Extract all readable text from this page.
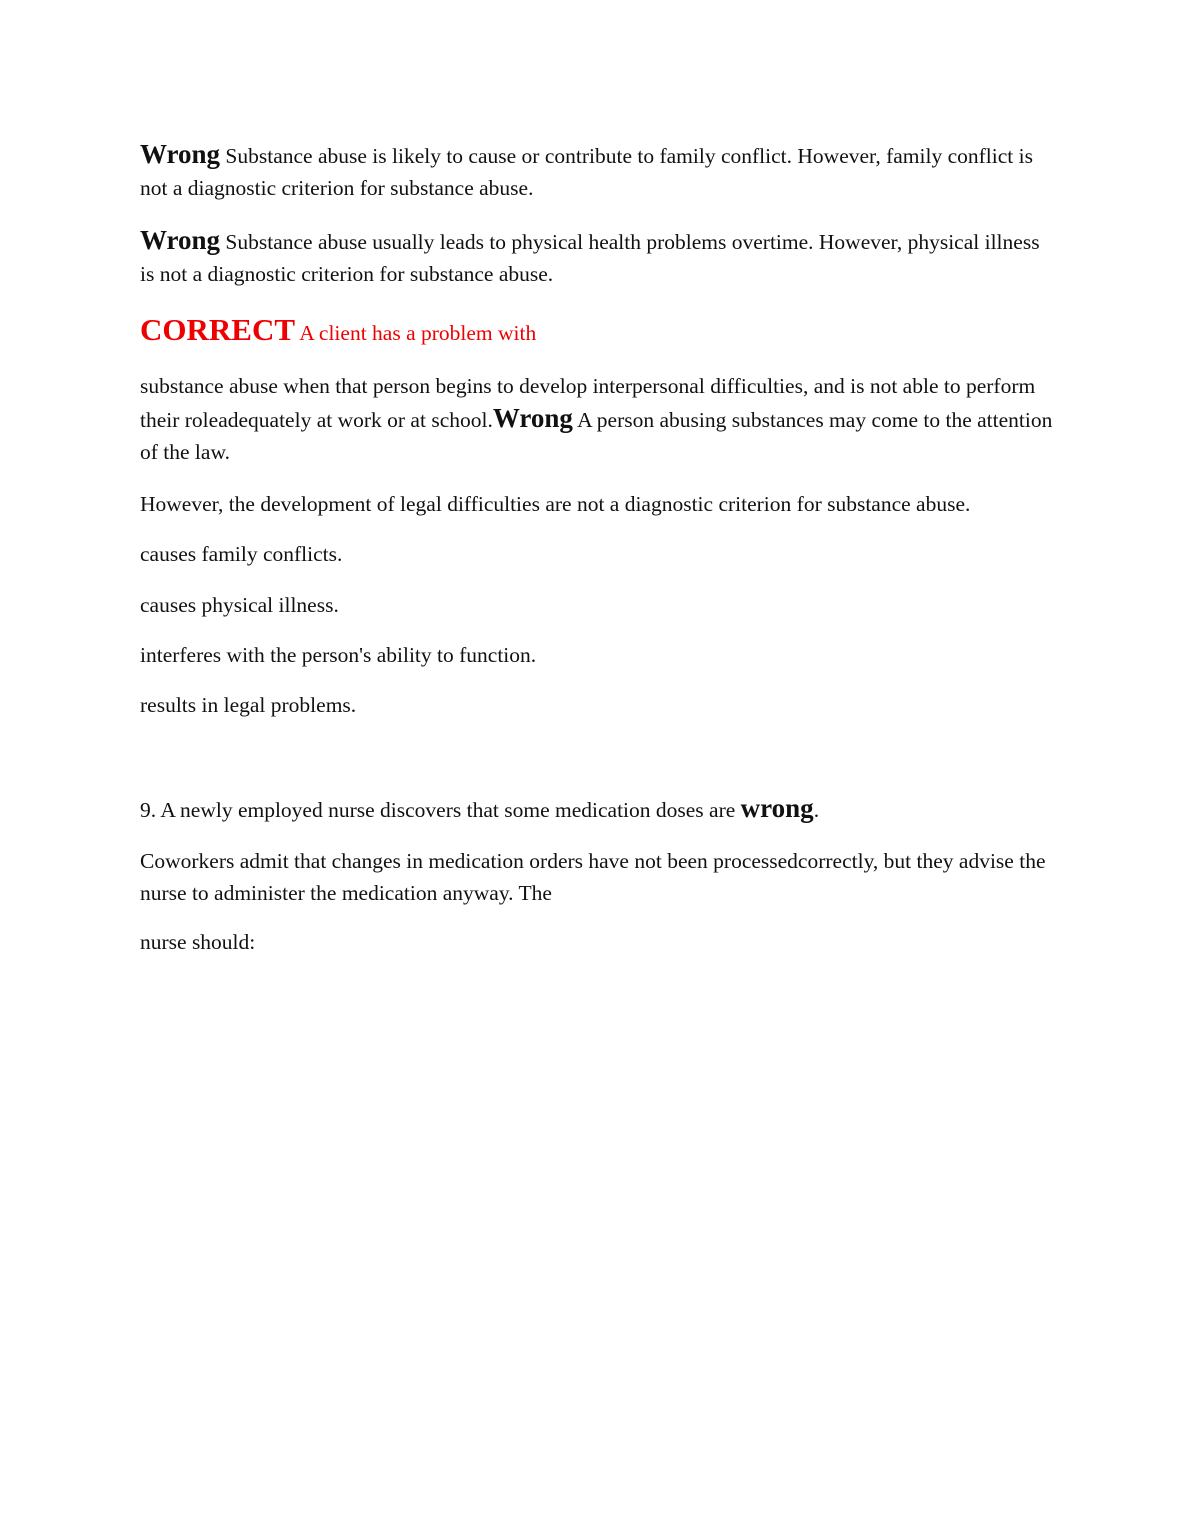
Wrong Substance abuse is likely to cause or contribute to family conflict. However, family conflict is not a diagnostic criterion for substance abuse.

Wrong Substance abuse usually leads to physical health problems overtime. However, physical illness is not a diagnostic criterion for substance abuse.

CORRECT A client has a problem with

substance abuse when that person begins to develop interpersonal difficulties, and is not able to perform their roleadequately at work or at school.Wrong A person abusing substances may come to the attention of the law.

However, the development of legal difficulties are not a diagnostic criterion for substance abuse.

causes family conflicts.

causes physical illness.

interferes with the person's ability to function.

results in legal problems.

9. A newly employed nurse discovers that some medication doses are wrong.

Coworkers admit that changes in medication orders have not been processedcorrectly, but they advise the nurse to administer the medication anyway. The

nurse should:
